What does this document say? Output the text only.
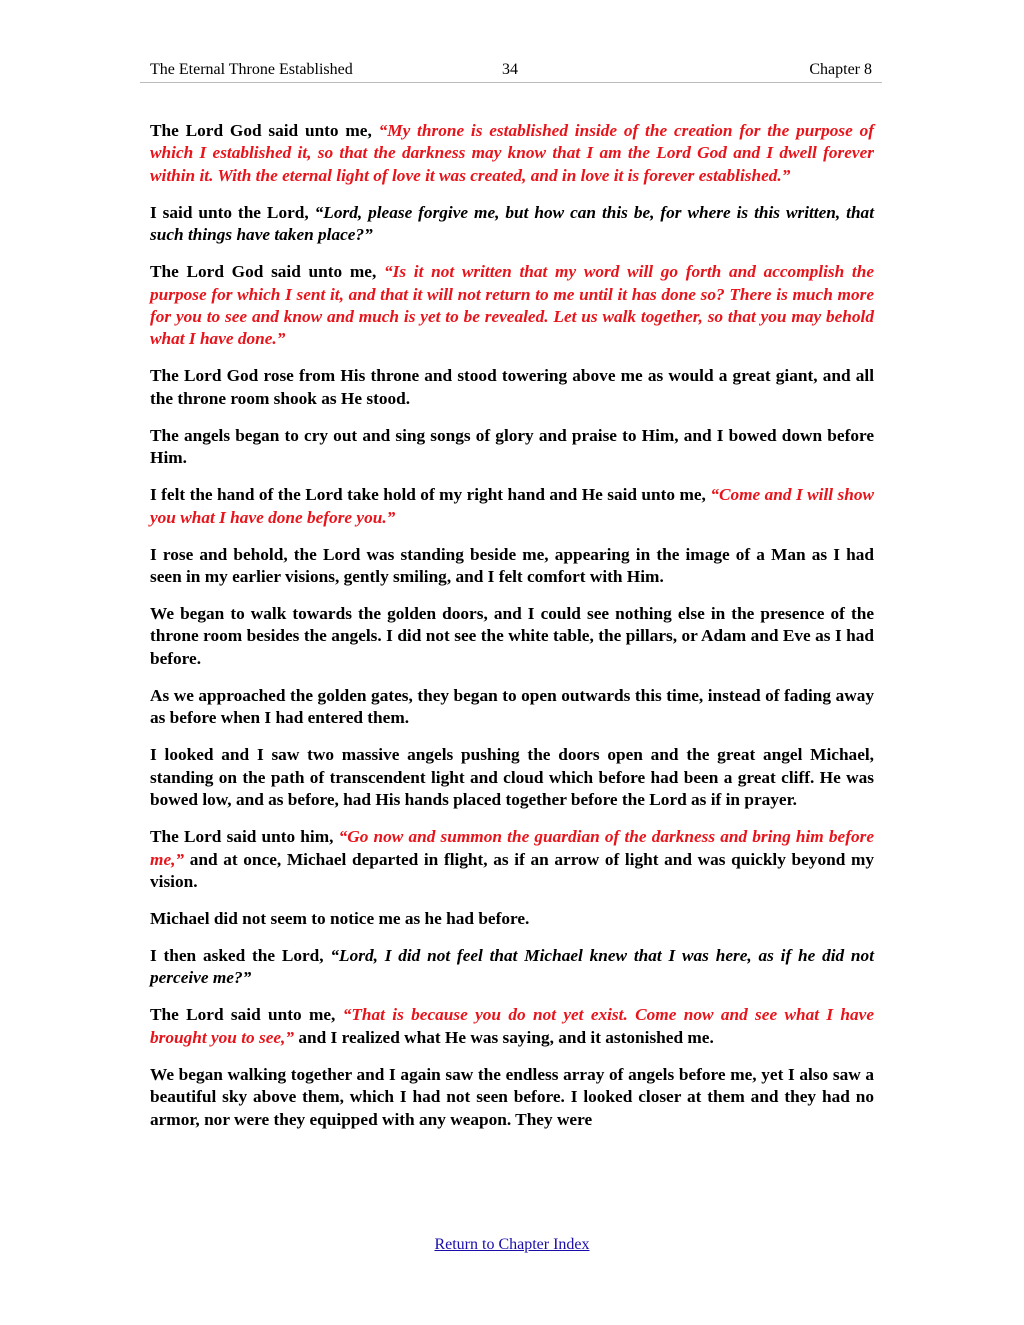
The Eternal Throne Established	34	Chapter 8

The Lord God said unto me, “My throne is established inside of the creation for the purpose of which I established it, so that the darkness may know that I am the Lord God and I dwell forever within it. With the eternal light of love it was created, and in love it is forever established.”

I said unto the Lord, “Lord, please forgive me, but how can this be, for where is this written, that such things have taken place?”

The Lord God said unto me, “Is it not written that my word will go forth and accomplish the purpose for which I sent it, and that it will not return to me until it has done so? There is much more for you to see and know and much is yet to be revealed. Let us walk together, so that you may behold what I have done.”

The Lord God rose from His throne and stood towering above me as would a great giant, and all the throne room shook as He stood.

The angels began to cry out and sing songs of glory and praise to Him, and I bowed down before Him.

I felt the hand of the Lord take hold of my right hand and He said unto me, “Come and I will show you what I have done before you.”

I rose and behold, the Lord was standing beside me, appearing in the image of a Man as I had seen in my earlier visions, gently smiling, and I felt comfort with Him.

We began to walk towards the golden doors, and I could see nothing else in the presence of the throne room besides the angels. I did not see the white table, the pillars, or Adam and Eve as I had before.

As we approached the golden gates, they began to open outwards this time, instead of fading away as before when I had entered them.

I looked and I saw two massive angels pushing the doors open and the great angel Michael, standing on the path of transcendent light and cloud which before had been a great cliff. He was bowed low, and as before, had His hands placed together before the Lord as if in prayer.

The Lord said unto him, “Go now and summon the guardian of the darkness and bring him before me,” and at once, Michael departed in flight, as if an arrow of light and was quickly beyond my vision.

Michael did not seem to notice me as he had before.

I then asked the Lord, “Lord, I did not feel that Michael knew that I was here, as if he did not perceive me?”

The Lord said unto me, “That is because you do not yet exist. Come now and see what I have brought you to see,” and I realized what He was saying, and it astonished me.

We began walking together and I again saw the endless array of angels before me, yet I also saw a beautiful sky above them, which I had not seen before. I looked closer at them and they had no armor, nor were they equipped with any weapon. They were

Return to Chapter Index
